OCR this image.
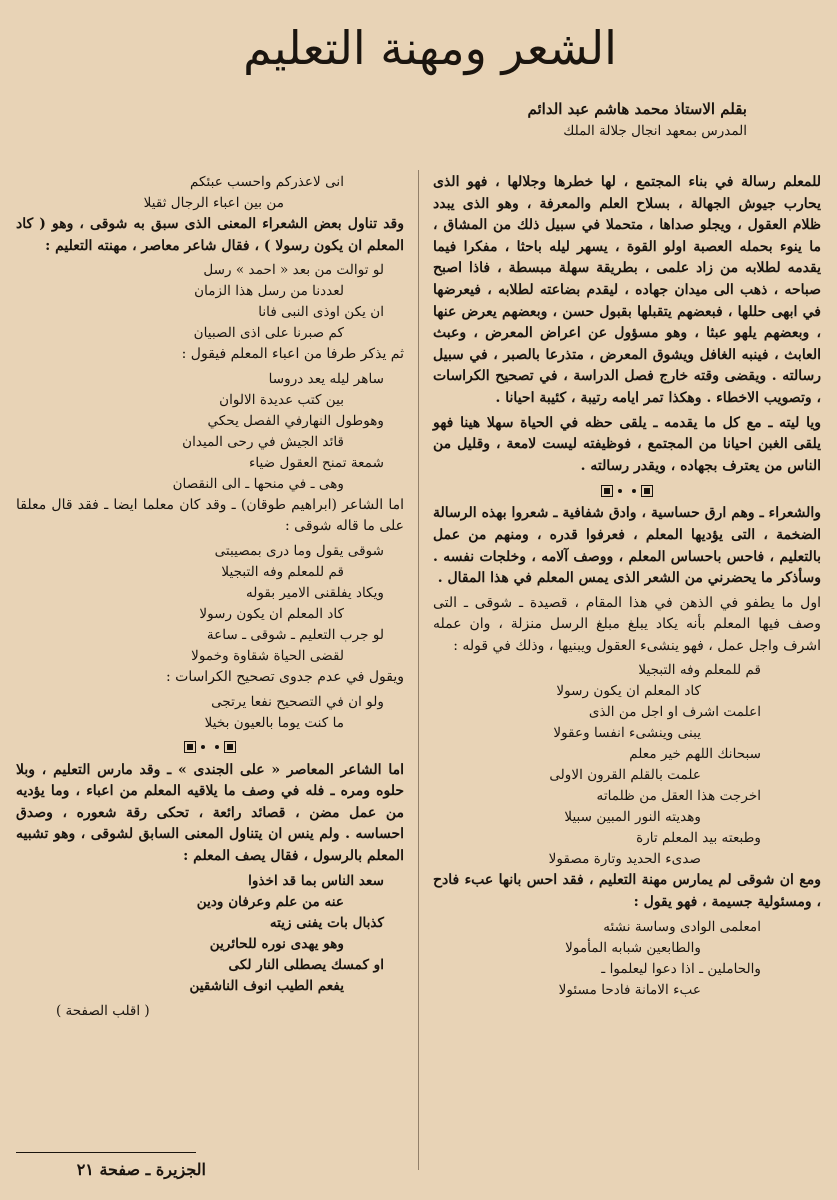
الشعر ومهنة التعليم
بقلم الاستاذ محمد هاشم عبد الدائم
المدرس بمعهد انجال جلالة الملك

للمعلم رسالة في بناء المجتمع ، لها خطرها وجلالها ، فهو الذى يحارب جيوش الجهالة ، بسلاح العلم والمعرفة ، وهو الذى يبدد ظلام العقول ، ويجلو صداها ، متحملا في سبيل ذلك من المشاق ، ما ينوء بحمله العصبة اولو القوة ، يسهر ليله باحثا ، مفكرا فيما يقدمه لطلابه من زاد علمى ، بطريقة سهلة مبسطة ، فاذا اصبح صباحه ، ذهب الى ميدان جهاده ، ليقدم بضاعته لطلابه ، فيعرضها في ابهى حللها ، فبعضهم يتقبلها بقبول حسن ، وبعضهم يعرض عنها ، وبعضهم يلهو عبثا ، وهو مسؤول عن اعراض المعرض ، وعبث العابث ، فينبه الغافل ويشوق المعرض ، متذرعا بالصبر ، في سبيل رسالته . ويقضى وقته خارج فصل الدراسة ، في تصحيح الكراسات ، وتصويب الاخطاء . وهكذا تمر ايامه رتيبة ، كئيبة احيانا .

ويا ليته ـ مع كل ما يقدمه ـ يلقى حظه في الحياة سهلا هينا فهو يلقى الغبن احيانا من المجتمع ، فوظيفته ليست لامعة ، وقليل من الناس من يعترف بجهاده ، ويقدر رسالته .

والشعراء ـ وهم ارق حساسية ، وادق شفافية ـ شعروا بهذه الرسالة الضخمة ، التى يؤديها المعلم ، فعرفوا قدره ، ومنهم من عمل بالتعليم ، فاحس باحساس المعلم ، ووصف آلامه ، وخلجات نفسه . وسأذكر ما يحضرني من الشعر الذى يمس المعلم في هذا المقال .

اول ما يطفو في الذهن في هذا المقام ، قصيدة ـ شوقى ـ التى وصف فيها المعلم بأنه يكاد يبلغ مبلغ الرسل منزلة ، وان عمله اشرف واجل عمل ، فهو ينشىء العقول ويبنيها ، وذلك في قوله :

قم للمعلم وفه التبجيلا
كاد المعلم ان يكون رسولا
اعلمت اشرف او اجل من الذى
يبنى وينشىء انفسا وعقولا
سبحانك اللهم خير معلم
علمت بالقلم القرون الاولى
اخرجت هذا العقل من ظلماته
وهديته النور المبين سبيلا
وطبعته بيد المعلم تارة
صدىء الحديد وتارة مصقولا

ومع ان شوقى لم يمارس مهنة التعليم ، فقد احس بانها عبء فادح ، ومسئولية جسيمة ، فهو يقول :

امعلمى الوادى وساسة نشئه
والطابعين شبابه المأمولا
والحاملين ـ اذا دعوا ليعلموا ـ
عبء الامانة فادحا مسئولا
انى لاعذركم واحسب عبئكم
من بين اعباء الرجال ثقيلا

وقد تناول بعض الشعراء المعنى الذى سبق به شوقى ، وهو ( كاد المعلم ان يكون رسولا ) ، فقال شاعر معاصر ، مهنته التعليم :

لو توالت من بعد « احمد » رسل
لعددنا من رسل هذا الزمان
ان يكن اوذى النبى فانا
كم صبرنا على اذى الصبيان

ثم يذكر طرفا من اعباء المعلم فيقول :

ساهر ليله يعد دروسا
بين كتب عديدة الالوان
وهوطول النهارفي الفصل يحكي
قائد الجيش في رحى الميدان
شمعة تمنح العقول ضياء
وهى ـ في منحها ـ الى النقصان

اما الشاعر (ابراهيم طوقان) ـ وقد كان معلما ايضا ـ فقد قال معلقا على ما قاله شوقى :

شوقى يقول وما درى بمصيبتى
قم للمعلم وفه التبجيلا
ويكاد يفلقنى الامير بقوله
كاد المعلم ان يكون رسولا
لو جرب التعليم ـ شوقى ـ ساعة
لقضى الحياة شقاوة وخمولا

ويقول في عدم جدوى تصحيح الكراسات :

ولو ان في التصحيح نفعا يرتجى
ما كنت يوما بالعيون بخيلا

اما الشاعر المعاصر « على الجندى » ـ وقد مارس التعليم ، وبلا حلوه ومره ـ فله في وصف ما يلاقيه المعلم من اعباء ، وما يؤديه من عمل مضن ، قصائد رائعة ، تحكى رقة شعوره ، وصدق احساسه . ولم ينس ان يتناول المعنى السابق لشوقى ، وهو تشبيه المعلم بالرسول ، فقال يصف المعلم :

سعد الناس بما قد اخذوا
عنه من علم وعرفان ودين
كذبال بات يفنى زيته
وهو يهدى نوره للحائرين
او كمسك يصطلى النار لكى
يفعم الطيب انوف الناشقين
( اقلب الصفحة )
الجزيرة ـ صفحة ٢١
